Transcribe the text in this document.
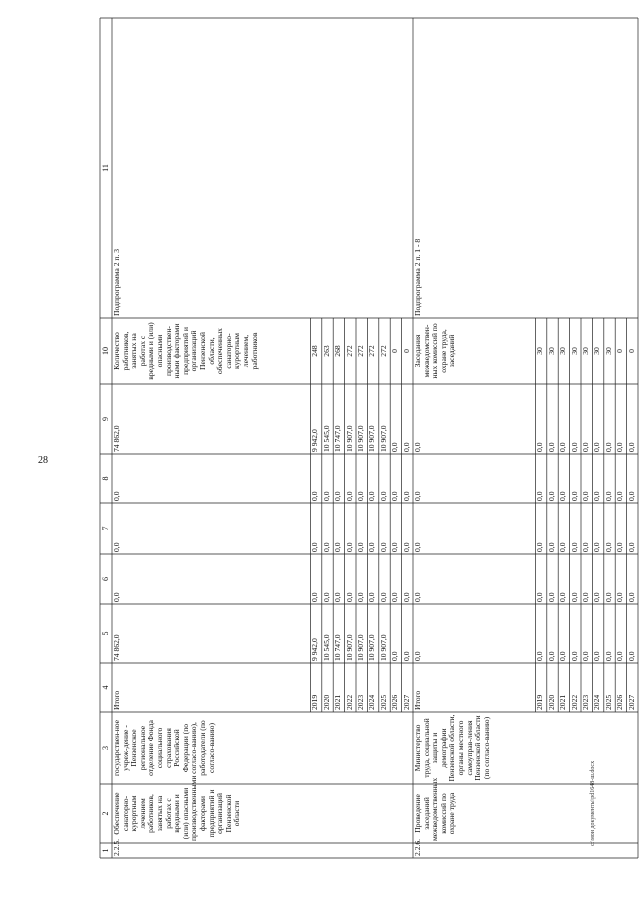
28
c:\мои документы\pd1648-ш.docx
1
2
3
4
5
6
7
8
9
10
11
2.2.5.
Обеспечение санаторно-курортным лечением работников, занятых на работах с вредными и (или) опасными производственными факторами предприятий и организаций Пензенской области
государствен-ное учреж-дение - Пензенское региональное отделение Фонда социального страхования Российской Федерации (по согласо-ванию), работодатели (по согласо-ванию)
Количество работников, занятых на работах с вредными и (или) опасными производствен-ными факторами предприятий и организаций Пензенской области, обеспеченных санаторно-курортным лечением, работников
Подпрограмма 2 п. 3
Итого
74 862,0
0,0
0,0
0,0
74 862,0
2019
9 942,0
0,0
0,0
0,0
9 942,0
248
2020
10 545,0
0,0
0,0
0,0
10 545,0
263
2021
10 747,0
0,0
0,0
0,0
10 747,0
268
2022
10 907,0
0,0
0,0
0,0
10 907,0
272
2023
10 907,0
0,0
0,0
0,0
10 907,0
272
2024
10 907,0
0,0
0,0
0,0
10 907,0
272
2025
10 907,0
0,0
0,0
0,0
10 907,0
272
2026
0,0
0,0
0,0
0,0
0,0
0
2027
0,0
0,0
0,0
0,0
0,0
0
2.2.6.
Проведение заседаний межведомственных комиссий по охране труда
Министерство труда, социальной защиты и демографии Пензенской области, органы местного самоуправ-ления Пензенской области (по согласо-ванию)
Заседания межведомствен-ных комиссий по охране труда, заседаний
Подпрограмма 2 п. 1 - 8
Итого
0,0
0,0
0,0
0,0
0,0
2019
0,0
0,0
0,0
0,0
0,0
30
2020
0,0
0,0
0,0
0,0
0,0
30
2021
0,0
0,0
0,0
0,0
0,0
30
2022
0,0
0,0
0,0
0,0
0,0
30
2023
0,0
0,0
0,0
0,0
0,0
30
2024
0,0
0,0
0,0
0,0
0,0
30
2025
0,0
0,0
0,0
0,0
0,0
30
2026
0,0
0,0
0,0
0,0
0,0
0
2027
0,0
0,0
0,0
0,0
0,0
0
